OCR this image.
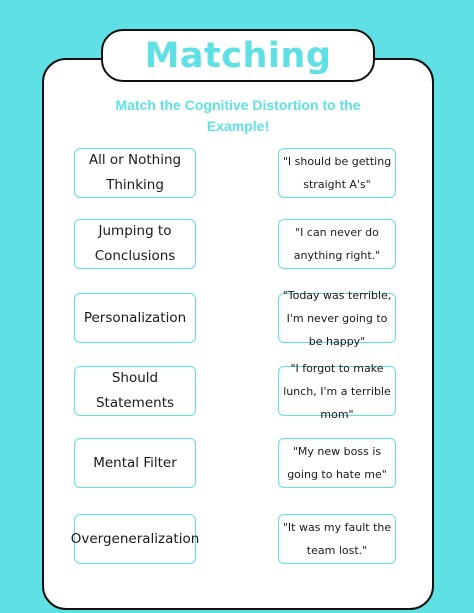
Matching
Match the Cognitive Distortion to the Example!
All or Nothing Thinking
Jumping to Conclusions
Personalization
Should Statements
Mental Filter
Overgeneralization
"I should be getting straight A's"
"I can never do anything right."
"Today was terrible, I'm never going to be happy"
"I forgot to make lunch, I'm a terrible mom"
"My new boss is going to hate me"
"It was my fault the team lost."
